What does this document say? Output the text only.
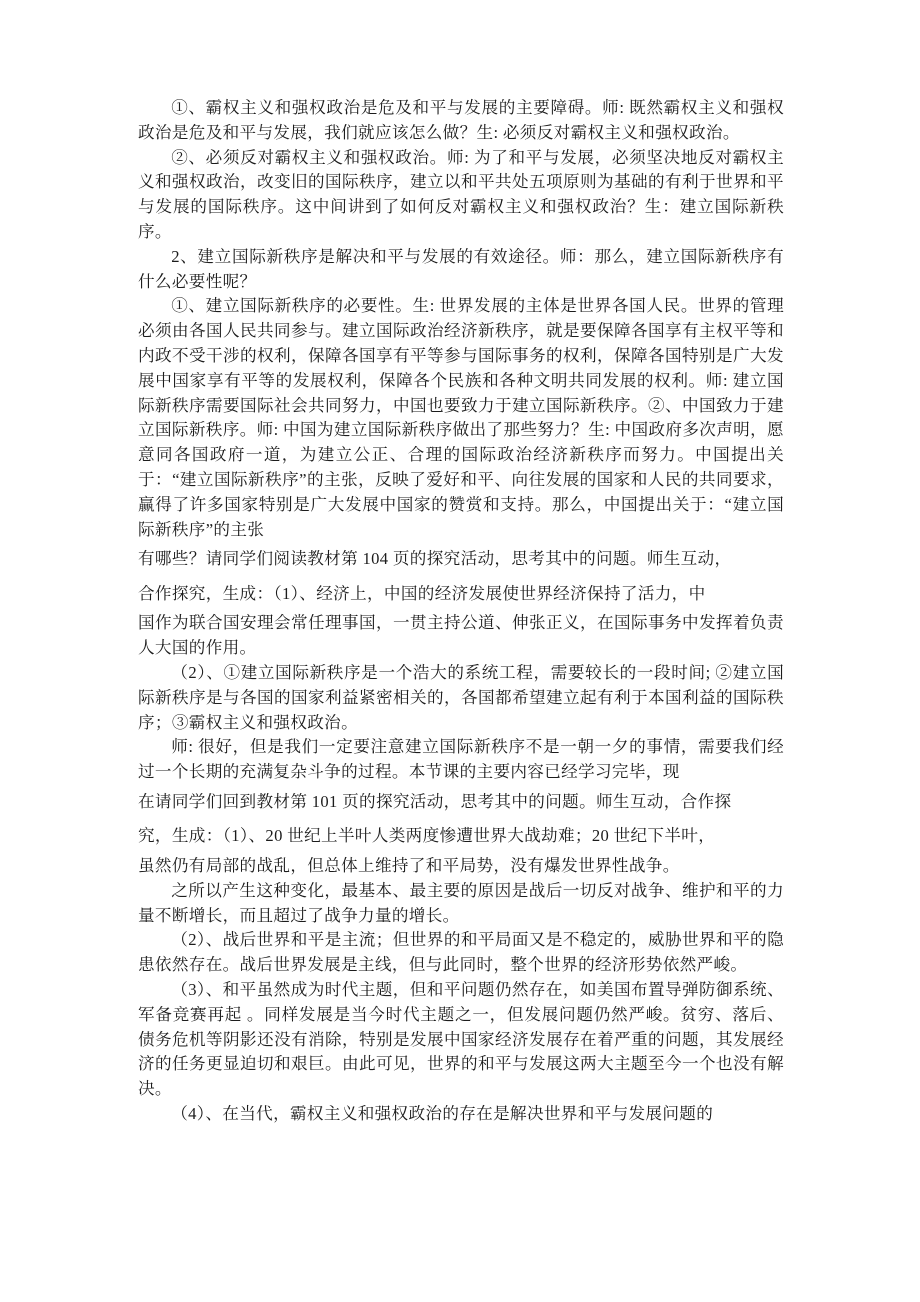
①、霸权主义和强权政治是危及和平与发展的主要障碍。师: 既然霸权主义和强权政治是危及和平与发展，我们就应该怎么做？生: 必须反对霸权主义和强权政治。

②、必须反对霸权主义和强权政治。师: 为了和平与发展，必须坚决地反对霸权主义和强权政治，改变旧的国际秩序，建立以和平共处五项原则为基础的有利于世界和平与发展的国际秩序。这中间讲到了如何反对霸权主义和强权政治？生：建立国际新秩序。

2、建立国际新秩序是解决和平与发展的有效途径。师：那么，建立国际新秩序有什么必要性呢？

①、建立国际新秩序的必要性。生: 世界发展的主体是世界各国人民。世界的管理必须由各国人民共同参与。建立国际政治经济新秩序，就是要保障各国享有主权平等和内政不受干涉的权利，保障各国享有平等参与国际事务的权利，保障各国特别是广大发展中国家享有平等的发展权利，保障各个民族和各种文明共同发展的权利。师: 建立国际新秩序需要国际社会共同努力，中国也要致力于建立国际新秩序。②、中国致力于建立国际新秩序。师: 中国为建立国际新秩序做出了那些努力？生: 中国政府多次声明，愿意同各国政府一道，为建立公正、合理的国际政治经济新秩序而努力。中国提出关于：“建立国际新秩序”的主张，反映了爱好和平、向往发展的国家和人民的共同要求，赢得了许多国家特别是广大发展中国家的赞赏和支持。那么，中国提出关于：“建立国际新秩序”的主张

有哪些？请同学们阅读教材第 104 页的探究活动，思考其中的问题。师生互动，

合作探究，生成：（1）、经济上，中国的经济发展使世界经济保持了活力，中

国作为联合国安理会常任理事国，一贯主持公道、伸张正义，在国际事务中发挥着负责人大国的作用。

（2）、①建立国际新秩序是一个浩大的系统工程，需要较长的一段时间; ②建立国际新秩序是与各国的国家利益紧密相关的，各国都希望建立起有利于本国利益的国际秩序；③霸权主义和强权政治。

师: 很好，但是我们一定要注意建立国际新秩序不是一朝一夕的事情，需要我们经过一个长期的充满复杂斗争的过程。本节课的主要内容已经学习完毕，现

在请同学们回到教材第 101 页的探究活动，思考其中的问题。师生互动，合作探

究，生成：（1）、20 世纪上半叶人类两度惨遭世界大战劫难；20 世纪下半叶，

虽然仍有局部的战乱，但总体上维持了和平局势，没有爆发世界性战争。

之所以产生这种变化，最基本、最主要的原因是战后一切反对战争、维护和平的力量不断增长，而且超过了战争力量的增长。

（2）、战后世界和平是主流；但世界的和平局面又是不稳定的，威胁世界和平的隐患依然存在。战后世界发展是主线，但与此同时，整个世界的经济形势依然严峻。

（3）、和平虽然成为时代主题，但和平问题仍然存在，如美国布置导弹防御系统、军备竞赛再起 。同样发展是当今时代主题之一，但发展问题仍然严峻。贫穷、落后、债务危机等阴影还没有消除，特别是发展中国家经济发展存在着严重的问题，其发展经济的任务更显迫切和艰巨。由此可见，世界的和平与发展这两大主题至今一个也没有解决。

（4）、在当代，霸权主义和强权政治的存在是解决世界和平与发展问题的
